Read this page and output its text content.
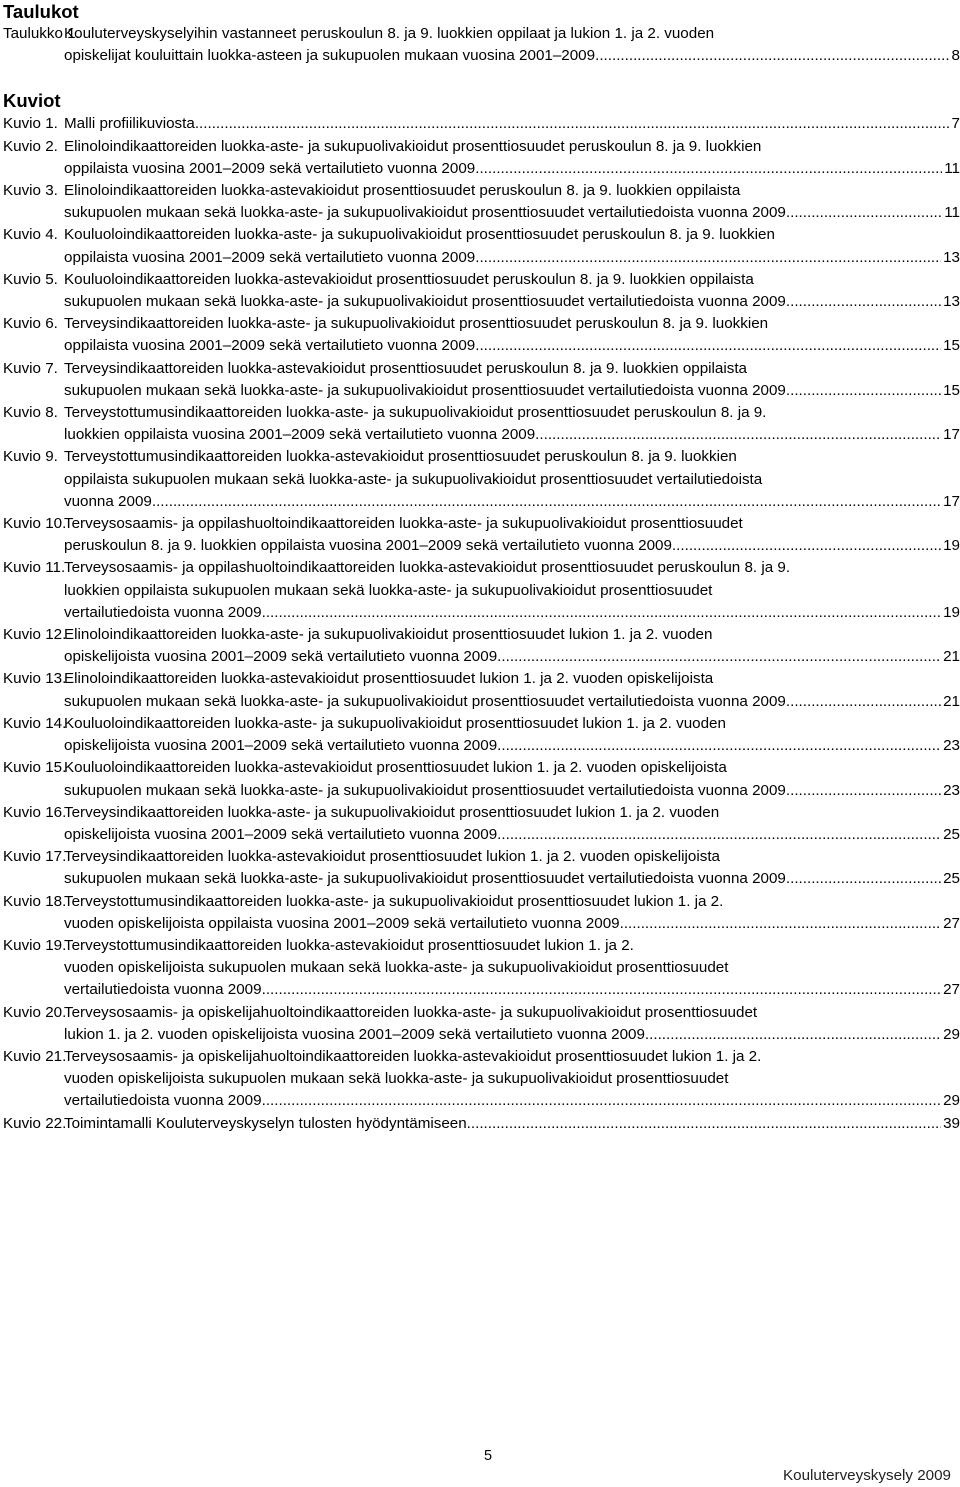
Taulukot
Taulukko 1.
Kouluterveyskyselyihin vastanneet peruskoulun 8. ja 9. luokkien oppilaat ja lukion 1. ja 2. vuoden
opiskelijat kouluittain luokka-asteen ja sukupuolen mukaan vuosina 2001–2009. .....	8
Kuviot
Kuvio 1. Malli profiilikuviosta .....	7
Kuvio 2. Elinoloindikaattoreiden luokka-aste- ja sukupuolivakioidut prosenttiosuudet peruskoulun 8. ja 9. luokkien
oppilaista vuosina 2001–2009 sekä vertailutieto vuonna 2009. .....	11
Kuvio 3. Elinoloindikaattoreiden luokka-astevakioidut prosenttiosuudet peruskoulun 8. ja 9. luokkien oppilaista
sukupuolen mukaan sekä luokka-aste- ja sukupuolivakioidut prosenttiosuudet vertailutiedoista vuonna 2009. .....	11
Kuvio 4. Kouluoloindikaattoreiden luokka-aste- ja sukupuolivakioidut prosenttiosuudet peruskoulun 8. ja 9. luokkien
oppilaista vuosina 2001–2009 sekä vertailutieto vuonna 2009. .....	13
Kuvio 5. Kouluoloindikaattoreiden luokka-astevakioidut prosenttiosuudet peruskoulun 8. ja 9. luokkien oppilaista
sukupuolen mukaan sekä luokka-aste- ja sukupuolivakioidut prosenttiosuudet vertailutiedoista vuonna 2009. .....	13
Kuvio 6. Terveysindikaattoreiden luokka-aste- ja sukupuolivakioidut prosenttiosuudet peruskoulun 8. ja 9. luokkien
oppilaista vuosina 2001–2009 sekä vertailutieto vuonna 2009. .....	15
Kuvio 7. Terveysindikaattoreiden luokka-astevakioidut prosenttiosuudet peruskoulun 8. ja 9. luokkien oppilaista
sukupuolen mukaan sekä luokka-aste- ja sukupuolivakioidut prosenttiosuudet vertailutiedoista vuonna 2009. .....	15
Kuvio 8. Terveystottumusindikaattoreiden luokka-aste- ja sukupuolivakioidut prosenttiosuudet peruskoulun 8. ja 9.
luokkien oppilaista vuosina 2001–2009 sekä vertailutieto vuonna 2009. .....	17
Kuvio 9. Terveystottumusindikaattoreiden luokka-astevakioidut prosenttiosuudet peruskoulun 8. ja 9. luokkien
oppilaista sukupuolen mukaan sekä luokka-aste- ja sukupuolivakioidut prosenttiosuudet vertailutiedoista
vuonna 2009. .....	17
Kuvio 10.
Terveysosaamis- ja oppilashuoltoindikaattoreiden luokka-aste- ja sukupuolivakioidut prosenttiosuudet
peruskoulun 8. ja 9. luokkien oppilaista vuosina 2001–2009 sekä vertailutieto vuonna 2009. .....	19
Kuvio 11.
Terveysosaamis- ja oppilashuoltoindikaattoreiden luokka-astevakioidut prosenttiosuudet peruskoulun 8. ja 9.
luokkien oppilaista sukupuolen mukaan sekä luokka-aste- ja sukupuolivakioidut prosenttiosuudet
vertailutiedoista vuonna 2009. .....	19
Kuvio 12.
Elinoloindikaattoreiden luokka-aste- ja sukupuolivakioidut prosenttiosuudet lukion 1. ja 2. vuoden
opiskelijoista vuosina 2001–2009 sekä vertailutieto vuonna 2009. .....	21
Kuvio 13.
Elinoloindikaattoreiden luokka-astevakioidut prosenttiosuudet lukion 1. ja 2. vuoden opiskelijoista
sukupuolen mukaan sekä luokka-aste- ja sukupuolivakioidut prosenttiosuudet vertailutiedoista vuonna 2009. .....	21
Kuvio 14.
Kouluoloindikaattoreiden luokka-aste- ja sukupuolivakioidut prosenttiosuudet lukion 1. ja 2. vuoden
opiskelijoista vuosina 2001–2009 sekä vertailutieto vuonna 2009. .....	23
Kuvio 15.
Kouluoloindikaattoreiden luokka-astevakioidut prosenttiosuudet lukion 1. ja 2. vuoden opiskelijoista
sukupuolen mukaan sekä luokka-aste- ja sukupuolivakioidut prosenttiosuudet vertailutiedoista vuonna 2009. .....	23
Kuvio 16.
Terveysindikaattoreiden luokka-aste- ja sukupuolivakioidut prosenttiosuudet lukion 1. ja 2. vuoden
opiskelijoista vuosina 2001–2009 sekä vertailutieto vuonna 2009. .....	25
Kuvio 17.
Terveysindikaattoreiden luokka-astevakioidut prosenttiosuudet lukion 1. ja 2. vuoden opiskelijoista
sukupuolen mukaan sekä luokka-aste- ja sukupuolivakioidut prosenttiosuudet vertailutiedoista vuonna 2009. .....	25
Kuvio 18.
Terveystottumusindikaattoreiden luokka-aste- ja sukupuolivakioidut prosenttiosuudet lukion 1. ja 2.
vuoden opiskelijoista oppilaista vuosina 2001–2009 sekä vertailutieto vuonna 2009. .....	27
Kuvio 19.
Terveystottumusindikaattoreiden luokka-astevakioidut prosenttiosuudet lukion 1. ja 2.
vuoden opiskelijoista sukupuolen mukaan sekä luokka-aste- ja sukupuolivakioidut prosenttiosuudet
vertailutiedoista vuonna 2009. .....	27
Kuvio 20.
Terveysosaamis- ja opiskelijahuoltoindikaattoreiden luokka-aste- ja sukupuolivakioidut prosenttiosuudet
lukion 1. ja 2. vuoden opiskelijoista vuosina 2001–2009 sekä vertailutieto vuonna 2009. .....	29
Kuvio 21.
Terveysosaamis- ja opiskelijahuoltoindikaattoreiden luokka-astevakioidut prosenttiosuudet lukion 1. ja 2.
vuoden opiskelijoista sukupuolen mukaan sekä luokka-aste- ja sukupuolivakioidut prosenttiosuudet
vertailutiedoista vuonna 2009. .....	29
Kuvio 22.
Toimintamalli Kouluterveyskyselyn tulosten hyödyntämiseen. .....	39
5
Kouluterveyskysely 2009
